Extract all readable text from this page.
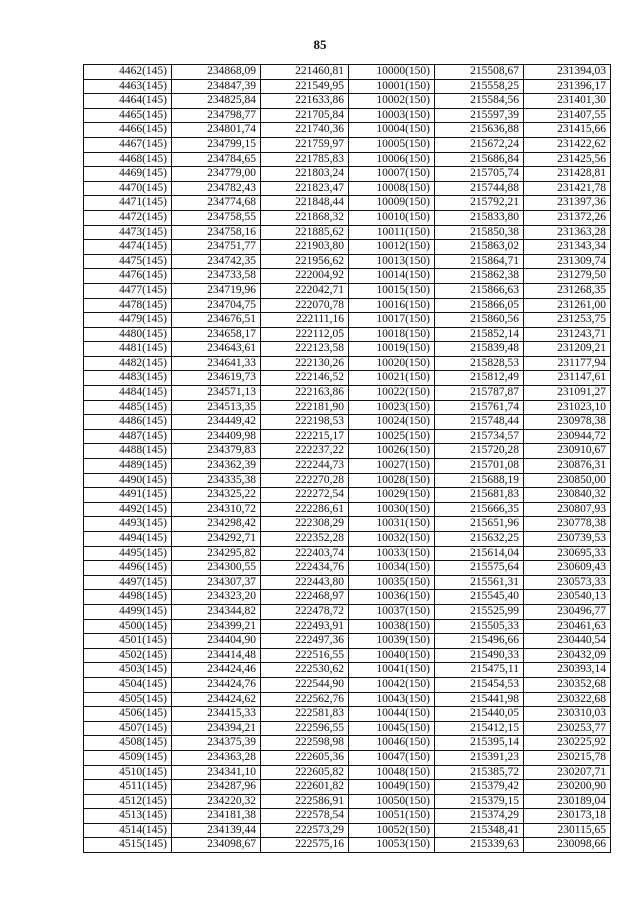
85
4462(145)	234868,09	221460,81	10000(150)	215508,67	231394,03
4463(145)	234847,39	221549,95	10001(150)	215558,25	231396,17
4464(145)	234825,84	221633,86	10002(150)	215584,56	231401,30
4465(145)	234798,77	221705,84	10003(150)	215597,39	231407,55
4466(145)	234801,74	221740,36	10004(150)	215636,88	231415,66
4467(145)	234799,15	221759,97	10005(150)	215672,24	231422,62
4468(145)	234784,65	221785,83	10006(150)	215686,84	231425,56
4469(145)	234779,00	221803,24	10007(150)	215705,74	231428,81
4470(145)	234782,43	221823,47	10008(150)	215744,88	231421,78
4471(145)	234774,68	221848,44	10009(150)	215792,21	231397,36
4472(145)	234758,55	221868,32	10010(150)	215833,80	231372,26
4473(145)	234758,16	221885,62	10011(150)	215850,38	231363,28
4474(145)	234751,77	221903,80	10012(150)	215863,02	231343,34
4475(145)	234742,35	221956,62	10013(150)	215864,71	231309,74
4476(145)	234733,58	222004,92	10014(150)	215862,38	231279,50
4477(145)	234719,96	222042,71	10015(150)	215866,63	231268,35
4478(145)	234704,75	222070,78	10016(150)	215866,05	231261,00
4479(145)	234676,51	222111,16	10017(150)	215860,56	231253,75
4480(145)	234658,17	222112,05	10018(150)	215852,14	231243,71
4481(145)	234643,61	222123,58	10019(150)	215839,48	231209,21
4482(145)	234641,33	222130,26	10020(150)	215828,53	231177,94
4483(145)	234619,73	222146,52	10021(150)	215812,49	231147,61
4484(145)	234571,13	222163,86	10022(150)	215787,87	231091,27
4485(145)	234513,35	222181,90	10023(150)	215761,74	231023,10
4486(145)	234449,42	222198,53	10024(150)	215748,44	230978,38
4487(145)	234409,98	222215,17	10025(150)	215734,57	230944,72
4488(145)	234379,83	222237,22	10026(150)	215720,28	230910,67
4489(145)	234362,39	222244,73	10027(150)	215701,08	230876,31
4490(145)	234335,38	222270,28	10028(150)	215688,19	230850,00
4491(145)	234325,22	222272,54	10029(150)	215681,83	230840,32
4492(145)	234310,72	222286,61	10030(150)	215666,35	230807,93
4493(145)	234298,42	222308,29	10031(150)	215651,96	230778,38
4494(145)	234292,71	222352,28	10032(150)	215632,25	230739,53
4495(145)	234295,82	222403,74	10033(150)	215614,04	230695,33
4496(145)	234300,55	222434,76	10034(150)	215575,64	230609,43
4497(145)	234307,37	222443,80	10035(150)	215561,31	230573,33
4498(145)	234323,20	222468,97	10036(150)	215545,40	230540,13
4499(145)	234344,82	222478,72	10037(150)	215525,99	230496,77
4500(145)	234399,21	222493,91	10038(150)	215505,33	230461,63
4501(145)	234404,90	222497,36	10039(150)	215496,66	230440,54
4502(145)	234414,48	222516,55	10040(150)	215490,33	230432,09
4503(145)	234424,46	222530,62	10041(150)	215475,11	230393,14
4504(145)	234424,76	222544,90	10042(150)	215454,53	230352,68
4505(145)	234424,62	222562,76	10043(150)	215441,98	230322,68
4506(145)	234415,33	222581,83	10044(150)	215440,05	230310,03
4507(145)	234394,21	222596,55	10045(150)	215412,15	230253,77
4508(145)	234375,39	222598,98	10046(150)	215395,14	230225,92
4509(145)	234363,28	222605,36	10047(150)	215391,23	230215,78
4510(145)	234341,10	222605,82	10048(150)	215385,72	230207,71
4511(145)	234287,96	222601,82	10049(150)	215379,42	230200,90
4512(145)	234220,32	222586,91	10050(150)	215379,15	230189,04
4513(145)	234181,38	222578,54	10051(150)	215374,29	230173,18
4514(145)	234139,44	222573,29	10052(150)	215348,41	230115,65
4515(145)	234098,67	222575,16	10053(150)	215339,63	230098,66
